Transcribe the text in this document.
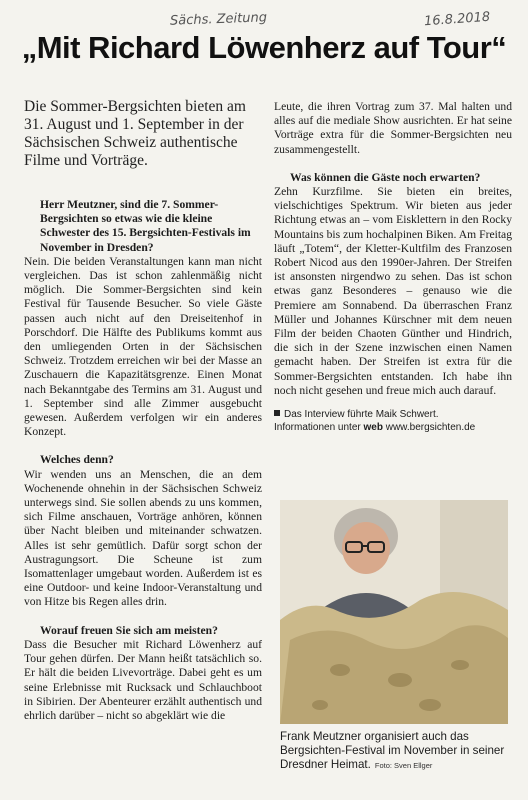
Sächs. Zeitung	16.8.2018
„Mit Richard Löwenherz auf Tour“
Die Sommer-Bergsichten bieten am 31. August und 1. September in der Sächsischen Schweiz authentische Filme und Vorträge.

Herr Meutzner, sind die 7. Sommer-Bergsichten so etwas wie die kleine Schwester des 15. Bergsichten-Festivals im November in Dresden?

Nein. Die beiden Veranstaltungen kann man nicht vergleichen. Das ist schon zahlenmäßig nicht möglich. Die Sommer-Bergsichten sind kein Festival für Tausende Besucher. So viele Gäste passen auch nicht auf den Dreiseitenhof in Porschdorf. Die Hälfte des Publikums kommt aus den umliegenden Orten in der Sächsischen Schweiz. Trotzdem erreichen wir bei der Masse an Zuschauern die Kapazitätsgrenze. Einen Monat nach Bekanntgabe des Termins am 31. August und 1. September sind alle Zimmer ausgebucht gewesen. Außerdem verfolgen wir ein anderes Konzept.

Welches denn?

Wir wenden uns an Menschen, die an dem Wochenende ohnehin in der Sächsischen Schweiz unterwegs sind. Sie sollen abends zu uns kommen, sich Filme anschauen, Vorträge anhören, können über Nacht bleiben und miteinander schwatzen. Alles ist sehr gemütlich. Dafür sorgt schon der Austragungsort. Die Scheune ist zum Isomattenlager umgebaut worden. Außerdem ist es eine Outdoor- und keine Indoor-Veranstaltung und von Hitze bis Regen alles drin.

Worauf freuen Sie sich am meisten?

Dass die Besucher mit Richard Löwenherz auf Tour gehen dürfen. Der Mann heißt tatsächlich so. Er hält die beiden Livevorträge. Dabei geht es um seine Erlebnisse mit Rucksack und Schlauchboot in Sibirien. Der Abenteurer erzählt authentisch und ehrlich darüber – nicht so abgeklärt wie die

Leute, die ihren Vortrag zum 37. Mal halten und alles auf die mediale Show ausrichten. Er hat seine Vorträge extra für die Sommer-Bergsichten neu zusammengestellt.

Was können die Gäste noch erwarten?

Zehn Kurzfilme. Sie bieten ein breites, vielschichtiges Spektrum. Wir bieten aus jeder Richtung etwas an – vom Eisklettern in den Rocky Mountains bis zum hochalpinen Biken. Am Freitag läuft „Totem“, der Kletter-Kultfilm des Franzosen Robert Nicod aus den 1990er-Jahren. Der Streifen ist ansonsten nirgendwo zu sehen. Das ist schon etwas ganz Besonderes – genauso wie die Premiere am Sonnabend. Da überraschen Franz Müller und Johannes Kürschner mit dem neuen Film der beiden Chaoten Günther und Hindrich, die sich in der Szene inzwischen einen Namen gemacht haben. Der Streifen ist extra für die Sommer-Bergsichten entstanden. Ich habe ihn noch nicht gesehen und freue mich auch darauf.

Das Interview führte Maik Schwert.
Informationen unter web www.bergsichten.de
Frank Meutzner organisiert auch das Bergsichten-Festival im November in seiner Dresdner Heimat. Foto: Sven Ellger
